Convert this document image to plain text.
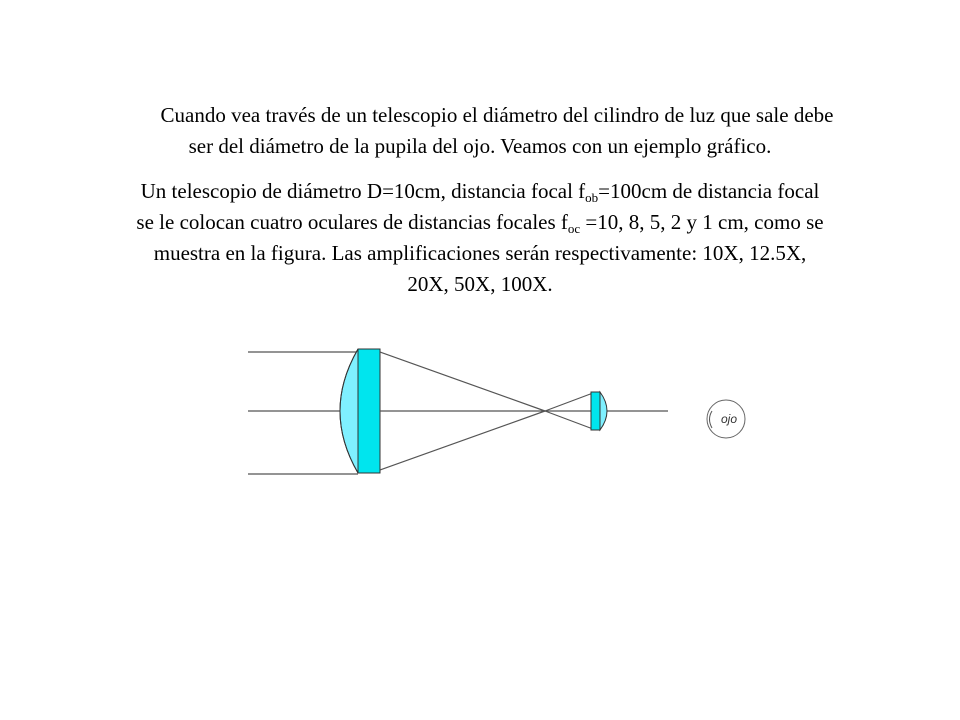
Cuando vea través de un telescopio el diámetro del cilindro de luz que sale debe
ser del diámetro de la pupila del ojo. Veamos con un ejemplo gráfico.
Un telescopio de diámetro D=10cm, distancia focal $f_{ob}=100cm$ de distancia focal
se le colocan cuatro oculares de distancias focales $f_{oc} =10$, 8, 5, 2 y 1 cm, como se
muestra en la figura. Las amplificaciones serán respectivamente: 10X, 12.5X,
20X, 50X, 100X.
ojo
